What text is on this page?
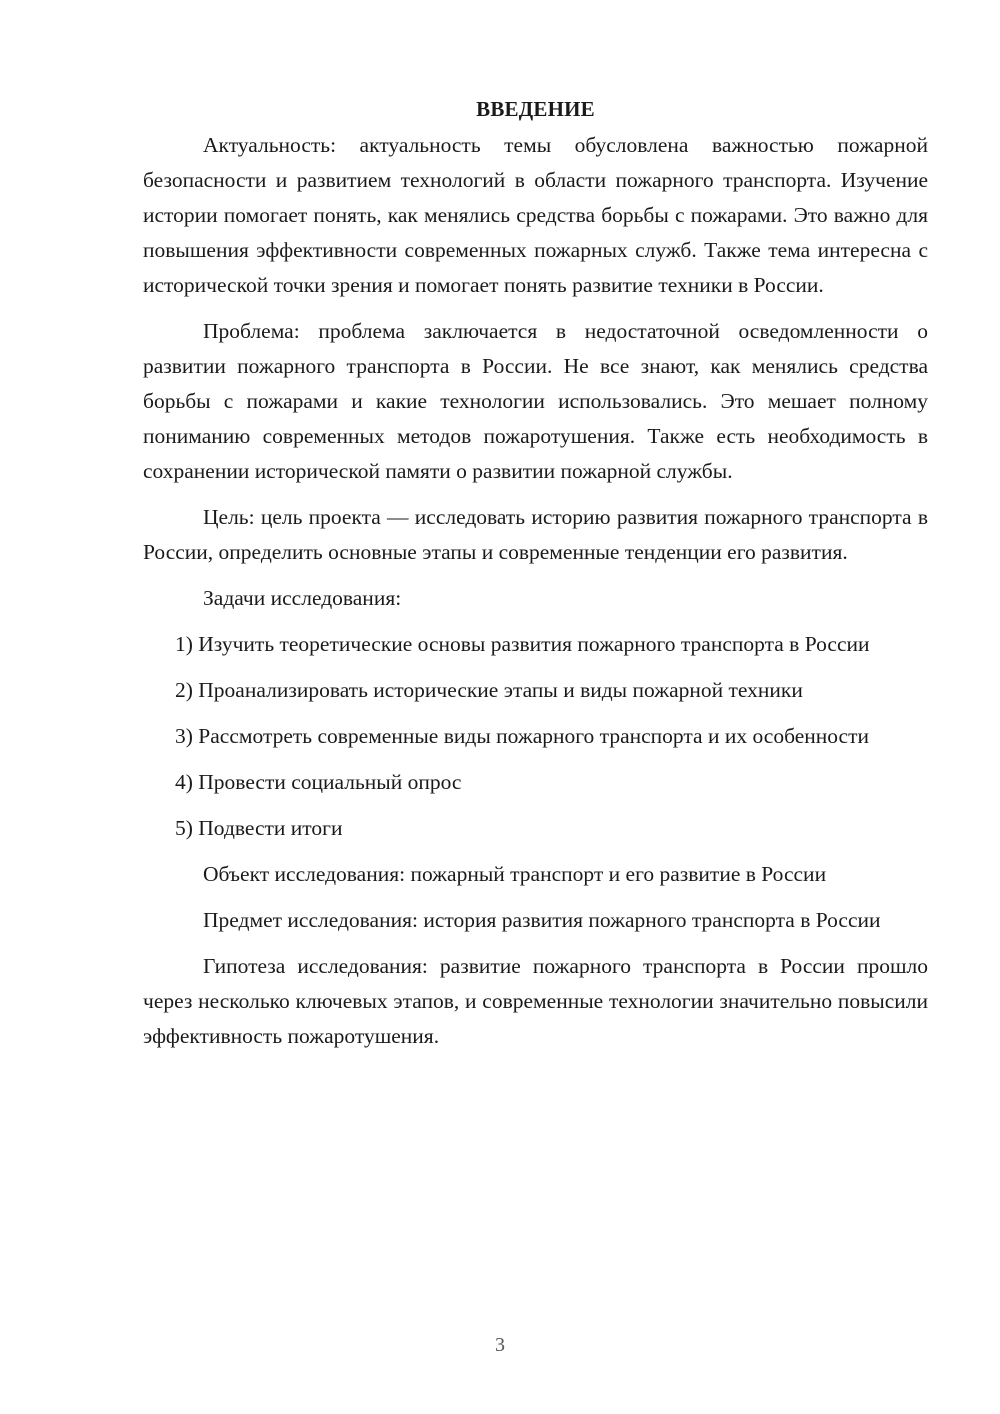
ВВЕДЕНИЕ

Актуальность: актуальность темы обусловлена важностью пожарной безопасности и развитием технологий в области пожарного транспорта. Изучение истории помогает понять, как менялись средства борьбы с пожарами. Это важно для повышения эффективности современных пожарных служб. Также тема интересна с исторической точки зрения и помогает понять развитие техники в России.

Проблема: проблема заключается в недостаточной осведомленности о развитии пожарного транспорта в России. Не все знают, как менялись средства борьбы с пожарами и какие технологии использовались. Это мешает полному пониманию современных методов пожаротушения. Также есть необходимость в сохранении исторической памяти о развитии пожарной службы.

Цель: цель проекта — исследовать историю развития пожарного транспорта в России, определить основные этапы и современные тенденции его развития.

Задачи исследования:

1) Изучить теоретические основы развития пожарного транспорта в России

2) Проанализировать исторические этапы и виды пожарной техники

3) Рассмотреть современные виды пожарного транспорта и их особенности

4) Провести социальный опрос

5) Подвести итоги

Объект исследования: пожарный транспорт и его развитие в России

Предмет исследования: история развития пожарного транспорта в России

Гипотеза исследования: развитие пожарного транспорта в России прошло через несколько ключевых этапов, и современные технологии значительно повысили эффективность пожаротушения.

3
